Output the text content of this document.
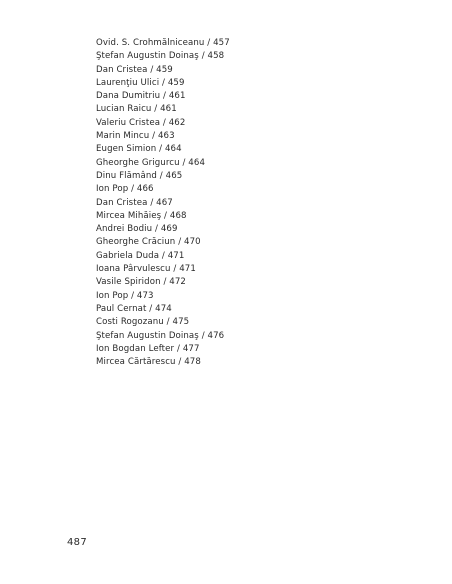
Ovid. S. Crohmălniceanu / 457
Ştefan Augustin Doinaş / 458
Dan Cristea / 459
Laurenţiu Ulici / 459
Dana Dumitriu / 461
Lucian Raicu / 461
Valeriu Cristea / 462
Marin Mincu / 463
Eugen Simion / 464
Gheorghe Grigurcu / 464
Dinu Flămând / 465
Ion Pop / 466
Dan Cristea / 467
Mircea Mihăieş / 468
Andrei Bodiu / 469
Gheorghe Crăciun / 470
Gabriela Duda / 471
Ioana Pârvulescu / 471
Vasile Spiridon / 472
Ion Pop / 473
Paul Cernat / 474
Costi Rogozanu / 475
Ştefan Augustin Doinaş / 476
Ion Bogdan Lefter / 477
Mircea Cărtărescu / 478
487
